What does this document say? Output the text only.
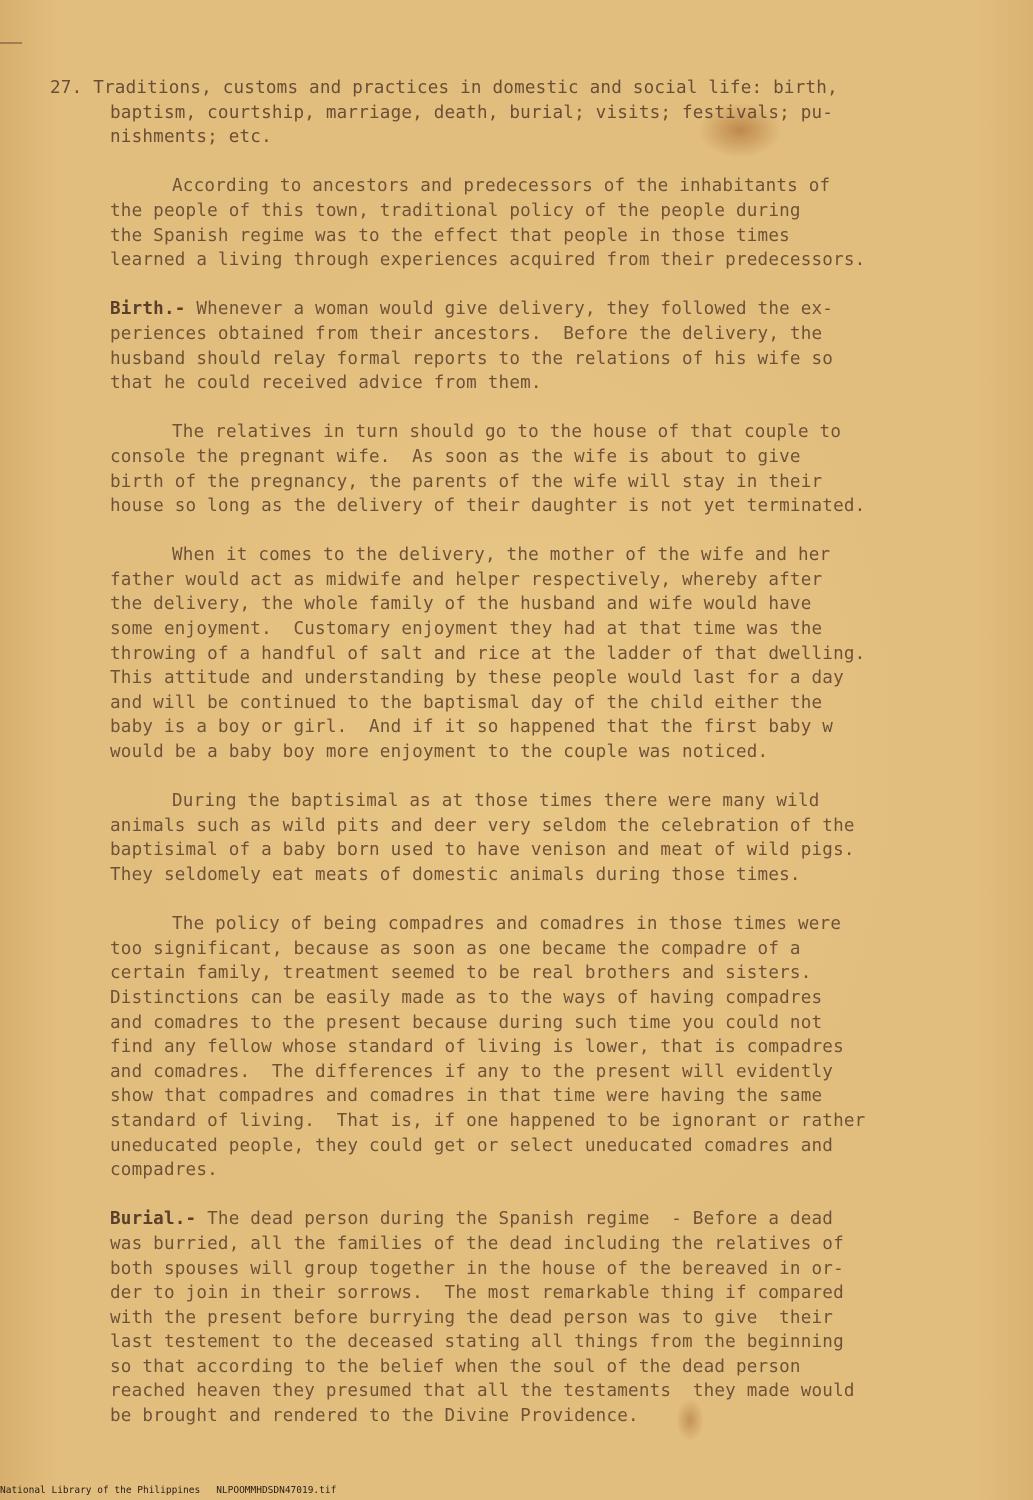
27. Traditions, customs and practices in domestic and social life: birth,
baptism, courtship, marriage, death, burial; visits; festivals; pu-
nishments; etc.
According to ancestors and predecessors of the inhabitants of
the people of this town, traditional policy of the people during
the Spanish regime was to the effect that people in those times
learned a living through experiences acquired from their predecessors.
Birth.- Whenever a woman would give delivery, they followed the ex-
periences obtained from their ancestors.  Before the delivery, the
husband should relay formal reports to the relations of his wife so
that he could received advice from them.
The relatives in turn should go to the house of that couple to
console the pregnant wife.  As soon as the wife is about to give
birth of the pregnancy, the parents of the wife will stay in their
house so long as the delivery of their daughter is not yet terminated.
When it comes to the delivery, the mother of the wife and her
father would act as midwife and helper respectively, whereby after
the delivery, the whole family of the husband and wife would have
some enjoyment.  Customary enjoyment they had at that time was the
throwing of a handful of salt and rice at the ladder of that dwelling.
This attitude and understanding by these people would last for a day
and will be continued to the baptismal day of the child either the
baby is a boy or girl.  And if it so happened that the first baby w
would be a baby boy more enjoyment to the couple was noticed.
During the baptisimal as at those times there were many wild
animals such as wild pits and deer very seldom the celebration of the
baptisimal of a baby born used to have venison and meat of wild pigs.
They seldomely eat meats of domestic animals during those times.
The policy of being compadres and comadres in those times were
too significant, because as soon as one became the compadre of a
certain family, treatment seemed to be real brothers and sisters.
Distinctions can be easily made as to the ways of having compadres
and comadres to the present because during such time you could not
find any fellow whose standard of living is lower, that is compadres
and comadres.  The differences if any to the present will evidently
show that compadres and comadres in that time were having the same
standard of living.  That is, if one happened to be ignorant or rather
uneducated people, they could get or select uneducated comadres and
compadres.
Burial.- The dead person during the Spanish regime  - Before a dead
was burried, all the families of the dead including the relatives of
both spouses will group together in the house of the bereaved in or-
der to join in their sorrows.  The most remarkable thing if compared
with the present before burrying the dead person was to give  their
last testement to the deceased stating all things from the beginning
so that according to the belief when the soul of the dead person
reached heaven they presumed that all the testaments  they made would
be brought and rendered to the Divine Providence.
National Library of the Philippines NLPOOMMHDSDN47019.tif
